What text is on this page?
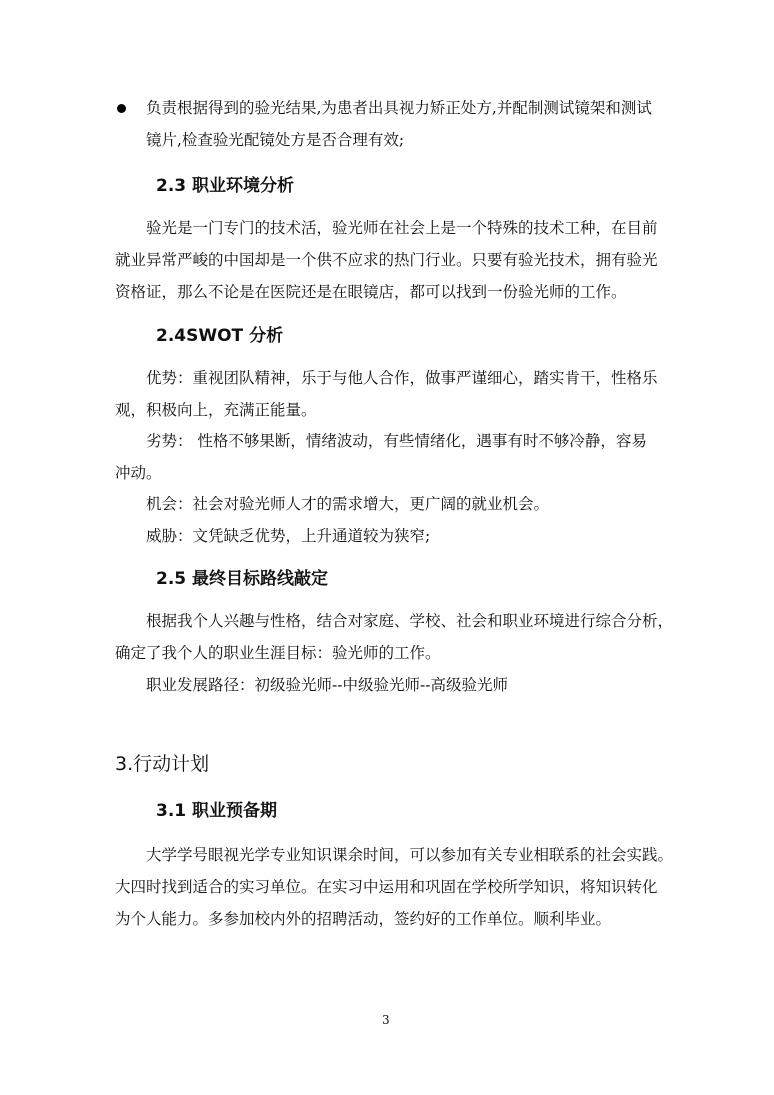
负责根据得到的验光结果,为患者出具视力矫正处方,并配制测试镜架和测试
镜片,检查验光配镜处方是否合理有效;
2.3 职业环境分析
验光是一门专门的技术活，验光师在社会上是一个特殊的技术工种，在目前
就业异常严峻的中国却是一个供不应求的热门行业。只要有验光技术，拥有验光
资格证，那么不论是在医院还是在眼镜店，都可以找到一份验光师的工作。
2.4SWOT 分析
优势：重视团队精神，乐于与他人合作，做事严谨细心，踏实肯干，性格乐
观，积极向上，充满正能量。
劣势： 性格不够果断，情绪波动，有些情绪化，遇事有时不够冷静，容易
冲动。
机会：社会对验光师人才的需求增大，更广阔的就业机会。
威胁：文凭缺乏优势，上升通道较为狭窄;
2.5 最终目标路线敲定
根据我个人兴趣与性格，结合对家庭、学校、社会和职业环境进行综合分析，
确定了我个人的职业生涯目标：验光师的工作。
职业发展路径：初级验光师--中级验光师--高级验光师
3.行动计划
3.1 职业预备期
大学学号眼视光学专业知识课余时间，可以参加有关专业相联系的社会实践。
大四时找到适合的实习单位。在实习中运用和巩固在学校所学知识，将知识转化
为个人能力。多参加校内外的招聘活动，签约好的工作单位。顺利毕业。
3
